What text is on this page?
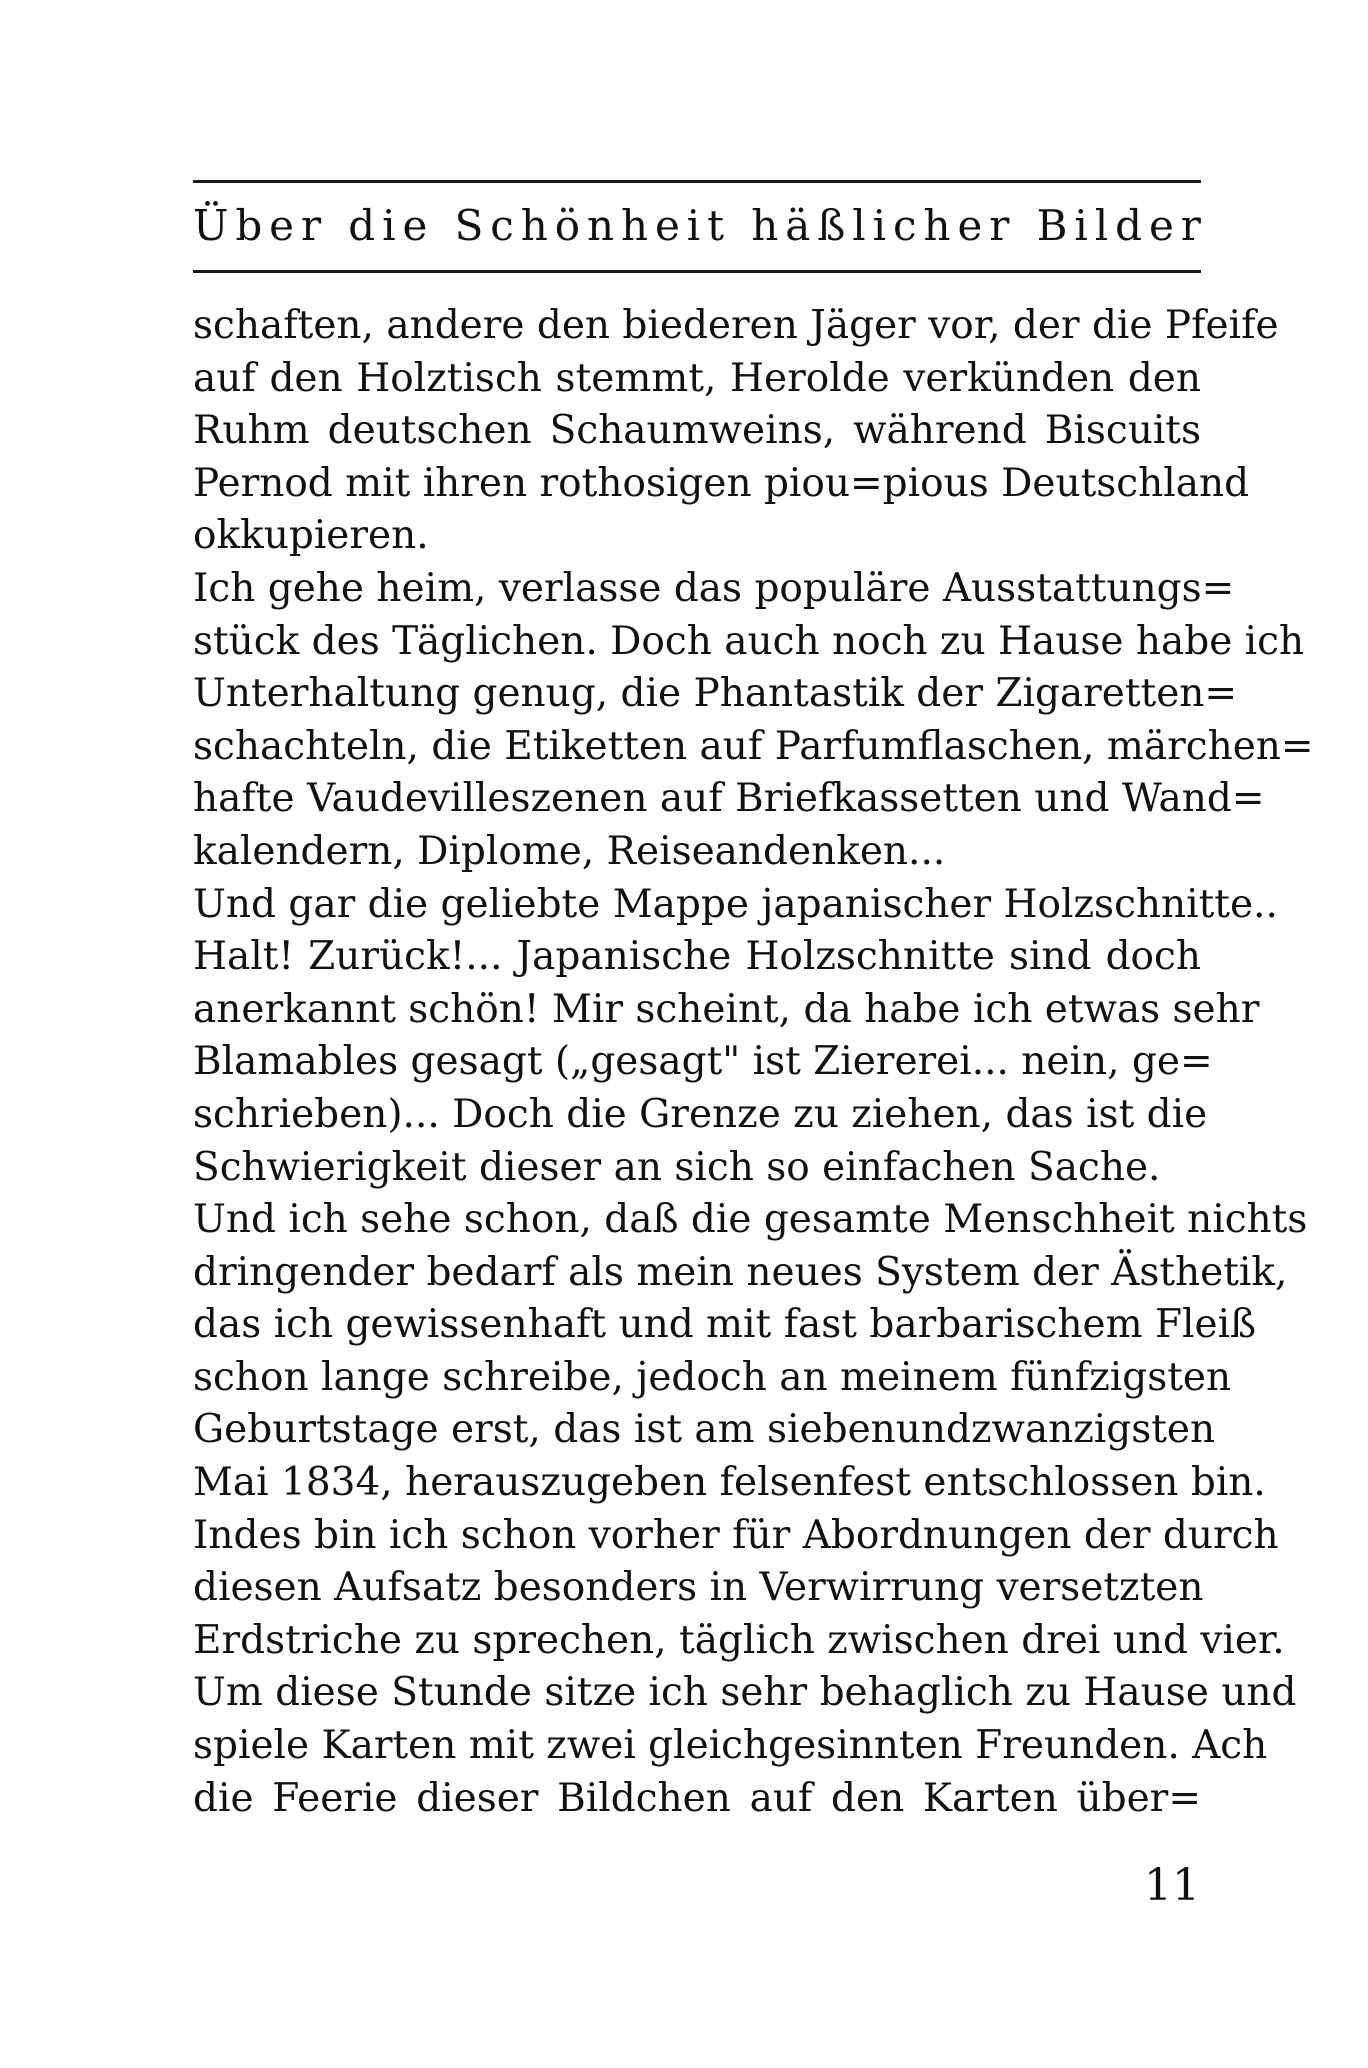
Ü b e r
d i e
S c h ö n h e i t
h ä ß l i c h e r
B i l d e r
schaften, andere den biederen Jäger vor, der die Pfeife
auf den Holztisch stemmt, Herolde verkünden den
Ruhm deutschen Schaumweins, während Biscuits
Pernod mit ihren rothosigen piou=pious Deutschland
okkupieren.
Ich gehe heim, verlasse das populäre Ausstattungs=
stück des Täglichen. Doch auch noch zu Hause habe ich
Unterhaltung genug, die Phantastik der Zigaretten=
schachteln, die Etiketten auf Parfumflaschen, märchen=
hafte Vaudevilleszenen auf Briefkassetten und Wand=
kalendern, Diplome, Reiseandenken...
Und gar die geliebte Mappe japanischer Holzschnitte..
Halt! Zurück!... Japanische Holzschnitte sind doch
anerkannt schön! Mir scheint, da habe ich etwas sehr
Blamables gesagt („gesagt" ist Ziererei... nein, ge=
schrieben)... Doch die Grenze zu ziehen, das ist die
Schwierigkeit dieser an sich so einfachen Sache.
Und ich sehe schon, daß die gesamte Menschheit nichts
dringender bedarf als mein neues System der Ästhetik,
das ich gewissenhaft und mit fast barbarischem Fleiß
schon lange schreibe, jedoch an meinem fünfzigsten
Geburtstage erst, das ist am siebenundzwanzigsten
Mai 1834, herauszugeben felsenfest entschlossen bin.
Indes bin ich schon vorher für Abordnungen der durch
diesen Aufsatz besonders in Verwirrung versetzten
Erdstriche zu sprechen, täglich zwischen drei und vier.
Um diese Stunde sitze ich sehr behaglich zu Hause und
spiele Karten mit zwei gleichgesinnten Freunden. Ach
die Feerie dieser Bildchen auf den Karten über=
11
